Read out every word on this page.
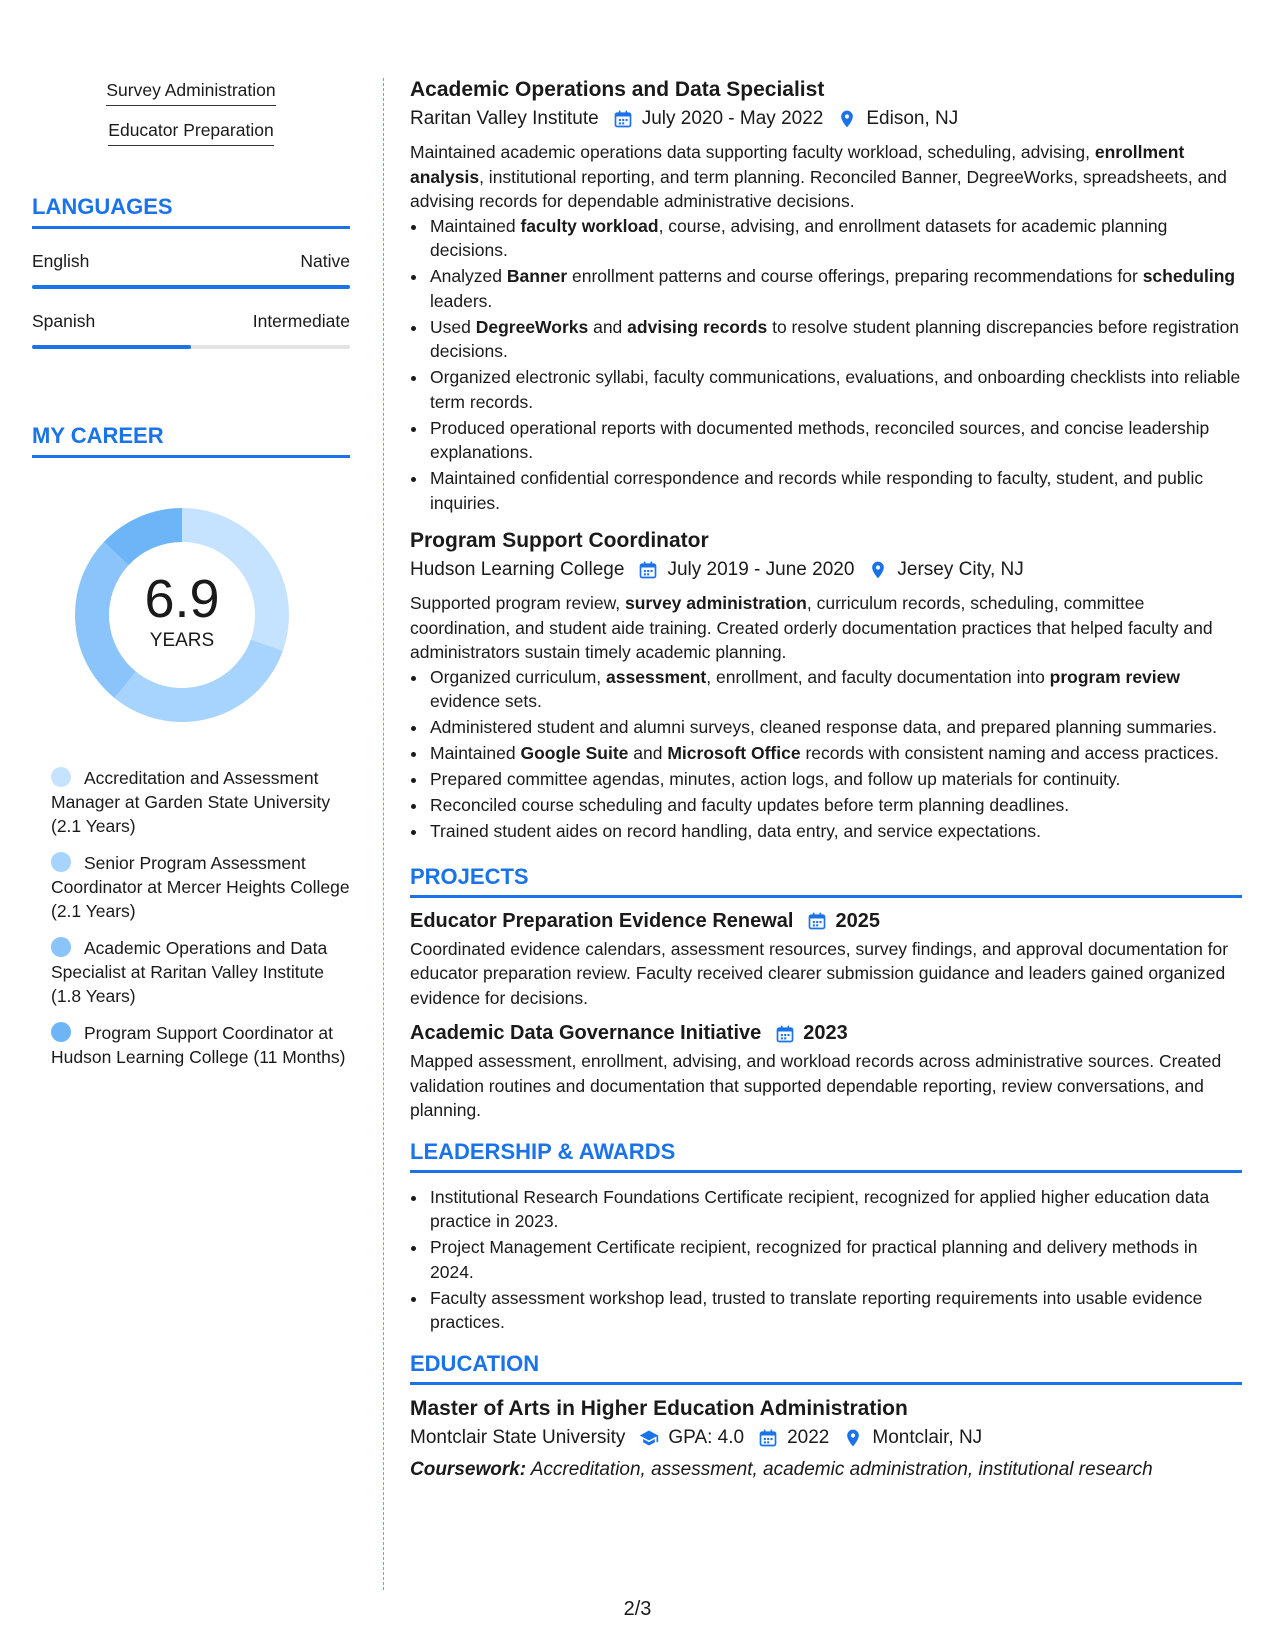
Survey Administration
Educator Preparation
LANGUAGES
English	Native
Spanish	Intermediate
MY CAREER
6.9
YEARS
Accreditation and Assessment Manager at Garden State University (2.1 Years)
Senior Program Assessment Coordinator at Mercer Heights College (2.1 Years)
Academic Operations and Data Specialist at Raritan Valley Institute (1.8 Years)
Program Support Coordinator at Hudson Learning College (11 Months)
Academic Operations and Data Specialist
Raritan Valley Institute July 2020 - May 2022 Edison, NJ

Maintained academic operations data supporting faculty workload, scheduling, advising, enrollment analysis, institutional reporting, and term planning. Reconciled Banner, DegreeWorks, spreadsheets, and advising records for dependable administrative decisions.

• Maintained faculty workload, course, advising, and enrollment datasets for academic planning decisions.
• Analyzed Banner enrollment patterns and course offerings, preparing recommendations for scheduling leaders.
• Used DegreeWorks and advising records to resolve student planning discrepancies before registration decisions.
• Organized electronic syllabi, faculty communications, evaluations, and onboarding checklists into reliable term records.
• Produced operational reports with documented methods, reconciled sources, and concise leadership explanations.
• Maintained confidential correspondence and records while responding to faculty, student, and public inquiries.
Program Support Coordinator
Hudson Learning College July 2019 - June 2020 Jersey City, NJ

Supported program review, survey administration, curriculum records, scheduling, committee coordination, and student aide training. Created orderly documentation practices that helped faculty and administrators sustain timely academic planning.

• Organized curriculum, assessment, enrollment, and faculty documentation into program review evidence sets.
• Administered student and alumni surveys, cleaned response data, and prepared planning summaries.
• Maintained Google Suite and Microsoft Office records with consistent naming and access practices.
• Prepared committee agendas, minutes, action logs, and follow up materials for continuity.
• Reconciled course scheduling and faculty updates before term planning deadlines.
• Trained student aides on record handling, data entry, and service expectations.
PROJECTS
Educator Preparation Evidence Renewal 2025

Coordinated evidence calendars, assessment resources, survey findings, and approval documentation for educator preparation review. Faculty received clearer submission guidance and leaders gained organized evidence for decisions.

Academic Data Governance Initiative 2023

Mapped assessment, enrollment, advising, and workload records across administrative sources. Created validation routines and documentation that supported dependable reporting, review conversations, and planning.

LEADERSHIP & AWARDS
• Institutional Research Foundations Certificate recipient, recognized for applied higher education data practice in 2023.
• Project Management Certificate recipient, recognized for practical planning and delivery methods in 2024.
• Faculty assessment workshop lead, trusted to translate reporting requirements into usable evidence practices.
EDUCATION
Master of Arts in Higher Education Administration
Montclair State University GPA: 4.0 2022 Montclair, NJ
Coursework: Accreditation, assessment, academic administration, institutional research
2/3
